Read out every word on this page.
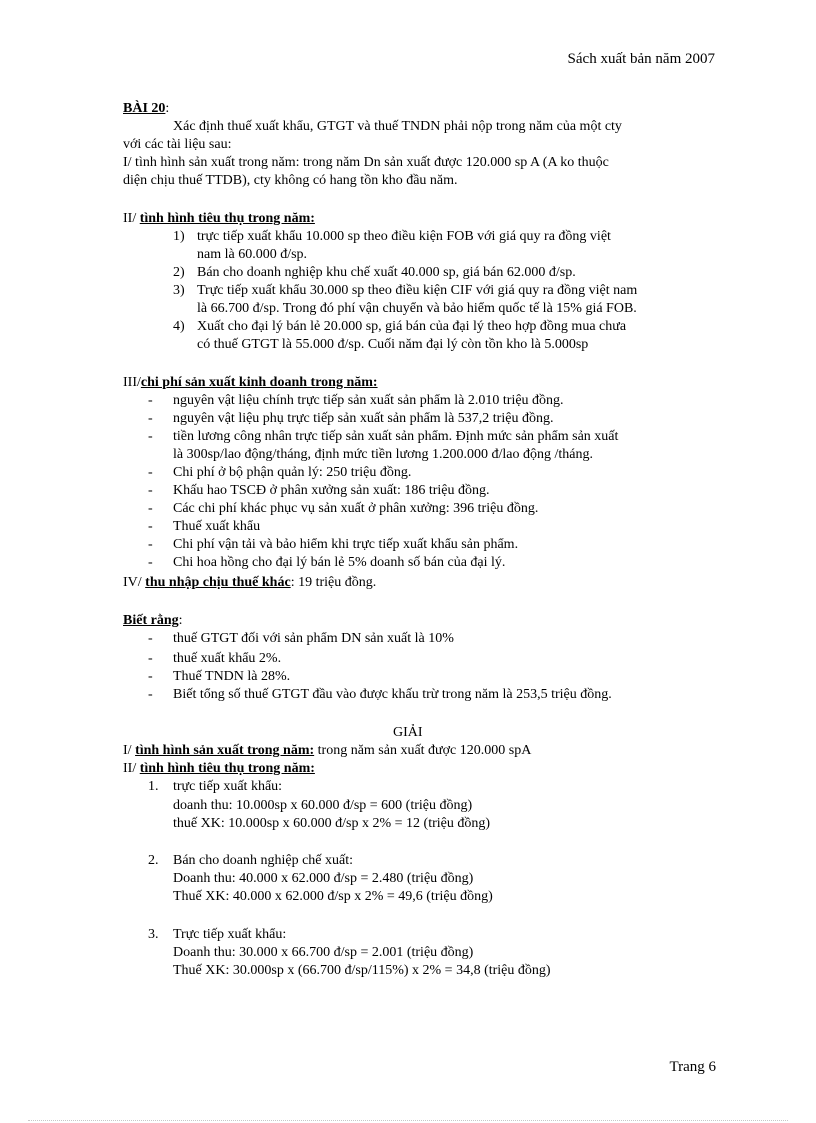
Sách xuất bản năm 2007
BÀI 20:
Xác định thuế xuất khẩu, GTGT và thuế TNDN phải nộp trong năm của một cty
với các tài liệu sau:
I/ tình hình sản xuất trong năm: trong năm Dn sản xuất được 120.000 sp A (A ko thuộc
diện chịu thuế TTDB), cty không có hang tồn kho đầu năm.
II/ tình hình tiêu thụ trong năm:
1) trực tiếp xuất khẩu 10.000 sp theo điều kiện FOB với giá quy ra đồng việt
nam là 60.000 đ/sp.
2) Bán cho doanh nghiệp khu chế xuất 40.000 sp, giá bán 62.000 đ/sp.
3) Trực tiếp xuất khẩu 30.000 sp theo điều kiện CIF với giá quy ra đồng việt nam
là 66.700 đ/sp. Trong đó phí vận chuyển và bảo hiểm quốc tế là 15% giá FOB.
4) Xuất cho đại lý bán lẻ 20.000 sp, giá bán của đại lý theo hợp đồng mua chưa
có thuế GTGT là 55.000 đ/sp. Cuối năm đại lý còn tồn kho là 5.000sp
III/chi phí sản xuất kinh doanh trong năm:
- nguyên vật liệu chính trực tiếp sản xuất sản phẩm là 2.010 triệu đồng.
- nguyên vật liệu phụ trực tiếp sản xuất sản phẩm là 537,2 triệu đồng.
- tiền lương công nhân trực tiếp sản xuất sản phẩm. Định mức sản phẩm sản xuất
là 300sp/lao động/tháng, định mức tiền lương 1.200.000 đ/lao động /tháng.
- Chi phí ở bộ phận quản lý: 250 triệu đồng.
- Khấu hao TSCĐ ở phân xưởng sản xuất: 186 triệu đồng.
- Các chi phí khác phục vụ sản xuất ở phân xưởng: 396 triệu đồng.
- Thuế xuất khẩu
- Chi phí vận tải và bảo hiểm khi trực tiếp xuất khẩu sản phẩm.
- Chi hoa hồng cho đại lý bán lẻ 5% doanh số bán của đại lý.
IV/ thu nhập chịu thuế khác: 19 triệu đồng.
Biết rằng:
- thuế GTGT đối với sản phẩm DN sản xuất là 10%
- thuế xuất khẩu 2%.
- Thuế TNDN là 28%.
- Biết tổng số thuế GTGT đầu vào được khấu trừ trong năm là 253,5 triệu đồng.
GIẢI
I/ tình hình sản xuất trong năm: trong năm sản xuất được 120.000 spA
II/ tình hình tiêu thụ trong năm:
1. trực tiếp xuất khẩu:
doanh thu: 10.000sp x 60.000 đ/sp = 600 (triệu đồng)
thuế XK: 10.000sp x 60.000 đ/sp x 2% = 12 (triệu đồng)
2. Bán cho doanh nghiệp chế xuất:
Doanh thu: 40.000 x 62.000 đ/sp = 2.480 (triệu đồng)
Thuế XK: 40.000 x 62.000 đ/sp x 2% = 49,6 (triệu đồng)
3. Trực tiếp xuất khẩu:
Doanh thu: 30.000 x 66.700 đ/sp = 2.001 (triệu đồng)
Thuế XK: 30.000sp x (66.700 đ/sp/115%) x 2% = 34,8 (triệu đồng)
Trang 6
